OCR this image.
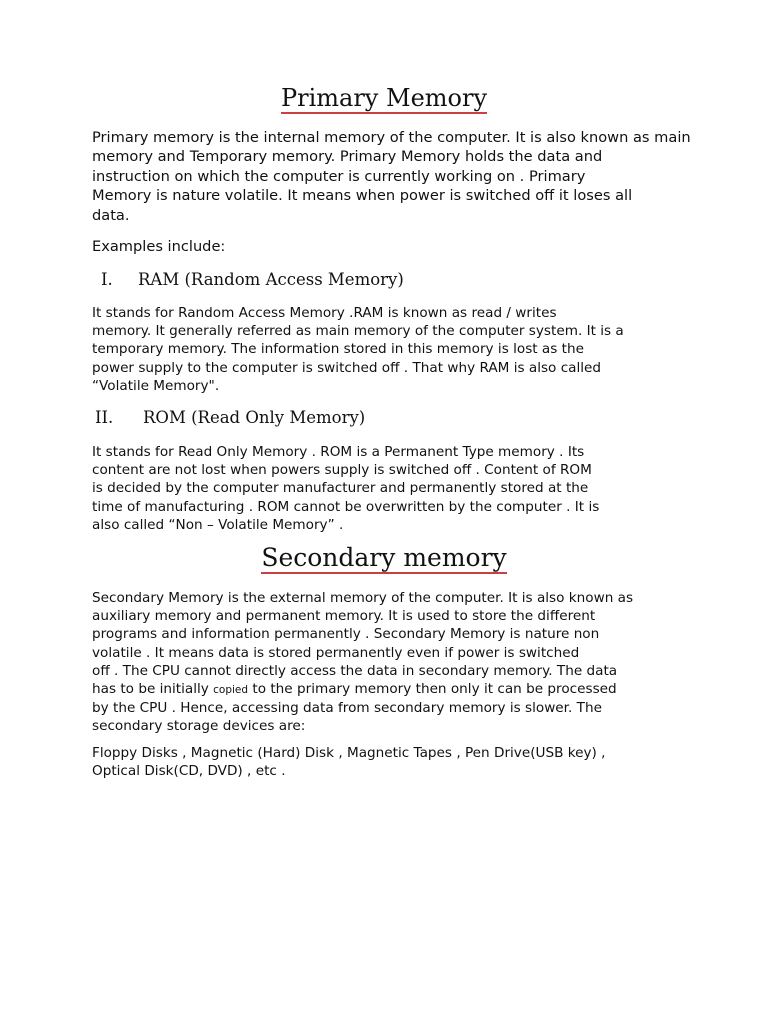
Primary Memory

Primary memory is the internal memory of the computer. It is also known as main
memory and Temporary memory. Primary Memory holds the data and
instruction on which the computer is currently working on . Primary
Memory is nature volatile. It means when power is switched off it loses all
data.

Examples include:

I. RAM (Random Access Memory)

It stands for Random Access Memory .RAM is known as read / writes
memory. It generally referred as main memory of the computer system. It is a
temporary memory. The information stored in this memory is lost as the
power supply to the computer is switched off . That why RAM is also called
“Volatile Memory".

II. ROM (Read Only Memory)

It stands for Read Only Memory . ROM is a Permanent Type memory . Its
content are not lost when powers supply is switched off . Content of ROM
is decided by the computer manufacturer and permanently stored at the
time of manufacturing . ROM cannot be overwritten by the computer . It is
also called “Non – Volatile Memory” .

Secondary memory

Secondary Memory is the external memory of the computer. It is also known as
auxiliary memory and permanent memory. It is used to store the different
programs and information permanently . Secondary Memory is nature non
volatile . It means data is stored permanently even if power is switched
off . The CPU cannot directly access the data in secondary memory. The data
has to be initially copied to the primary memory then only it can be processed
by the CPU . Hence, accessing data from secondary memory is slower. The
secondary storage devices are:

Floppy Disks , Magnetic (Hard) Disk , Magnetic Tapes , Pen Drive(USB key) ,
Optical Disk(CD, DVD) , etc .
